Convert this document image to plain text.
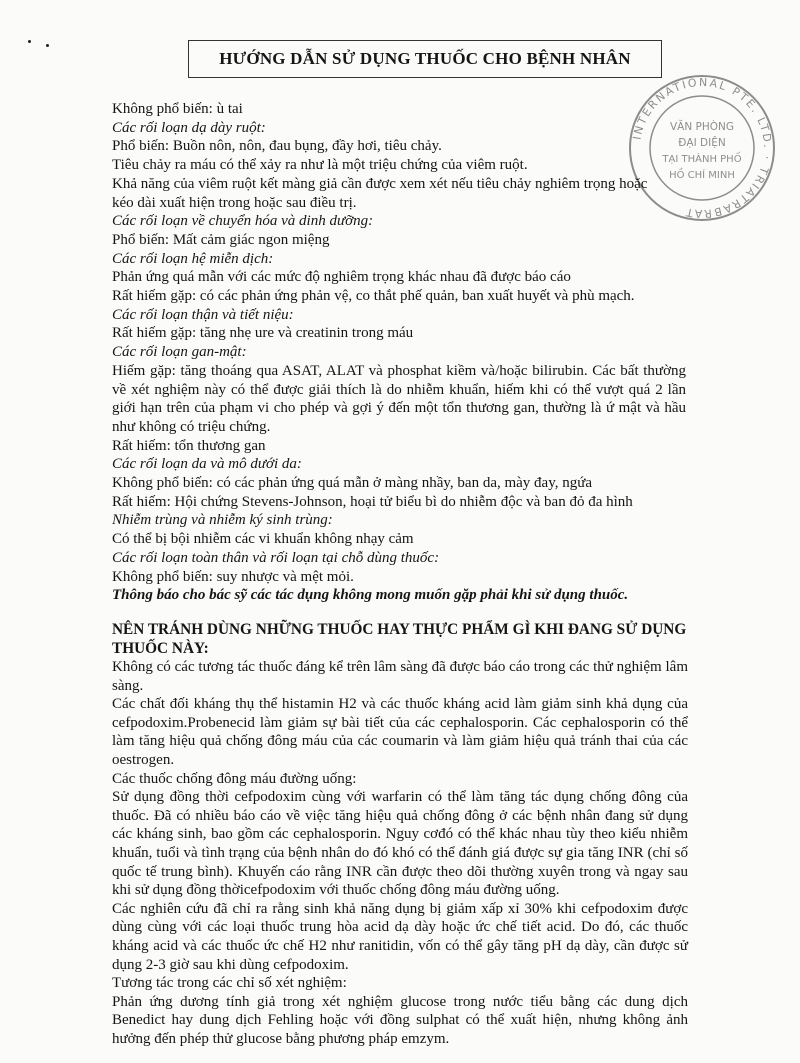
HƯỚNG DẪN SỬ DỤNG THUỐC CHO BỆNH NHÂN
INTERNATIONAL PTE. LTD. · TRIATRABRAT
VĂN PHÒNG
ĐẠI DIỆN
TẠI THÀNH PHỐ
HỒ CHÍ MINH
Không phổ biến: ù tai
Các rối loạn dạ dày ruột:
Phổ biến: Buồn nôn, nôn, đau bụng, đầy hơi, tiêu chảy.
Tiêu chảy ra máu có thể xảy ra như là một triệu chứng của viêm ruột.
Khả năng của viêm ruột kết màng giả cần được xem xét nếu tiêu chảy nghiêm trọng hoặc
kéo dài xuất hiện trong hoặc sau điều trị.
Các rối loạn về chuyển hóa và dinh dưỡng:
Phổ biến: Mất cảm giác ngon miệng
Các rối loạn hệ miễn dịch:
Phản ứng quá mẫn với các mức độ nghiêm trọng khác nhau đã được báo cáo
Rất hiếm gặp: có các phản ứng phản vệ, co thắt phế quản, ban xuất huyết và phù mạch.
Các rối loạn thận và tiết niệu:
Rất hiếm gặp: tăng nhẹ ure và creatinin trong máu
Các rối loạn gan-mật:
Hiếm gặp: tăng thoáng qua ASAT, ALAT và phosphat kiềm và/hoặc bilirubin. Các bất thường về xét nghiệm này có thể được giải thích là do nhiễm khuẩn, hiếm khi có thể vượt quá 2 lần giới hạn trên của phạm vi cho phép và gợi ý đến một tổn thương gan, thường là ứ mật và hầu như không có triệu chứng.
Rất hiếm: tổn thương gan
Các rối loạn da và mô dưới da:
Không phổ biến: có các phản ứng quá mẫn ở màng nhầy, ban da, mày đay, ngứa
Rất hiếm: Hội chứng Stevens-Johnson, hoại tử biểu bì do nhiễm độc và ban đỏ đa hình
Nhiễm trùng và nhiễm ký sinh trùng:
Có thể bị bội nhiễm các vi khuẩn không nhạy cảm
Các rối loạn toàn thân và rối loạn tại chỗ dùng thuốc:
Không phổ biến: suy nhược và mệt mỏi.
Thông báo cho bác sỹ các tác dụng không mong muốn gặp phải khi sử dụng thuốc.
NÊN TRÁNH DÙNG NHỮNG THUỐC HAY THỰC PHẨM GÌ KHI ĐANG SỬ DỤNG THUỐC NÀY:
Không có các tương tác thuốc đáng kể trên lâm sàng đã được báo cáo trong các thử nghiệm lâm sàng.
Các chất đối kháng thụ thể histamin H2 và các thuốc kháng acid làm giảm sinh khả dụng của cefpodoxim.Probenecid làm giảm sự bài tiết của các cephalosporin. Các cephalosporin có thể làm tăng hiệu quả chống đông máu của các coumarin và làm giảm hiệu quả tránh thai của các oestrogen.
Các thuốc chống đông máu đường uống:
Sử dụng đồng thời cefpodoxim cùng với warfarin có thể làm tăng tác dụng chống đông của thuốc. Đã có nhiều báo cáo về việc tăng hiệu quả chống đông ở các bệnh nhân đang sử dụng các kháng sinh, bao gồm các cephalosporin. Nguy cơđó có thể khác nhau tùy theo kiểu nhiễm khuẩn, tuổi và tình trạng của bệnh nhân do đó khó có thể đánh giá được sự gia tăng INR (chỉ số quốc tế trung bình). Khuyến cáo rằng INR cần được theo dõi thường xuyên trong và ngay sau khi sử dụng đồng thờicefpodoxim với thuốc chống đông máu đường uống.
Các nghiên cứu đã chỉ ra rằng sinh khả năng dụng bị giảm xấp xỉ 30% khi cefpodoxim được dùng cùng với các loại thuốc trung hòa acid dạ dày hoặc ức chế tiết acid. Do đó, các thuốc kháng acid và các thuốc ức chế H2 như ranitidin, vốn có thể gây tăng pH dạ dày, cần được sử dụng 2-3 giờ sau khi dùng cefpodoxim.
Tương tác trong các chỉ số xét nghiệm:
Phản ứng dương tính giả trong xét nghiệm glucose trong nước tiểu bằng các dung dịch Benedict hay dung dịch Fehling hoặc với đồng sulphat có thể xuất hiện, nhưng không ảnh hưởng đến phép thử glucose bằng phương pháp emzym.
